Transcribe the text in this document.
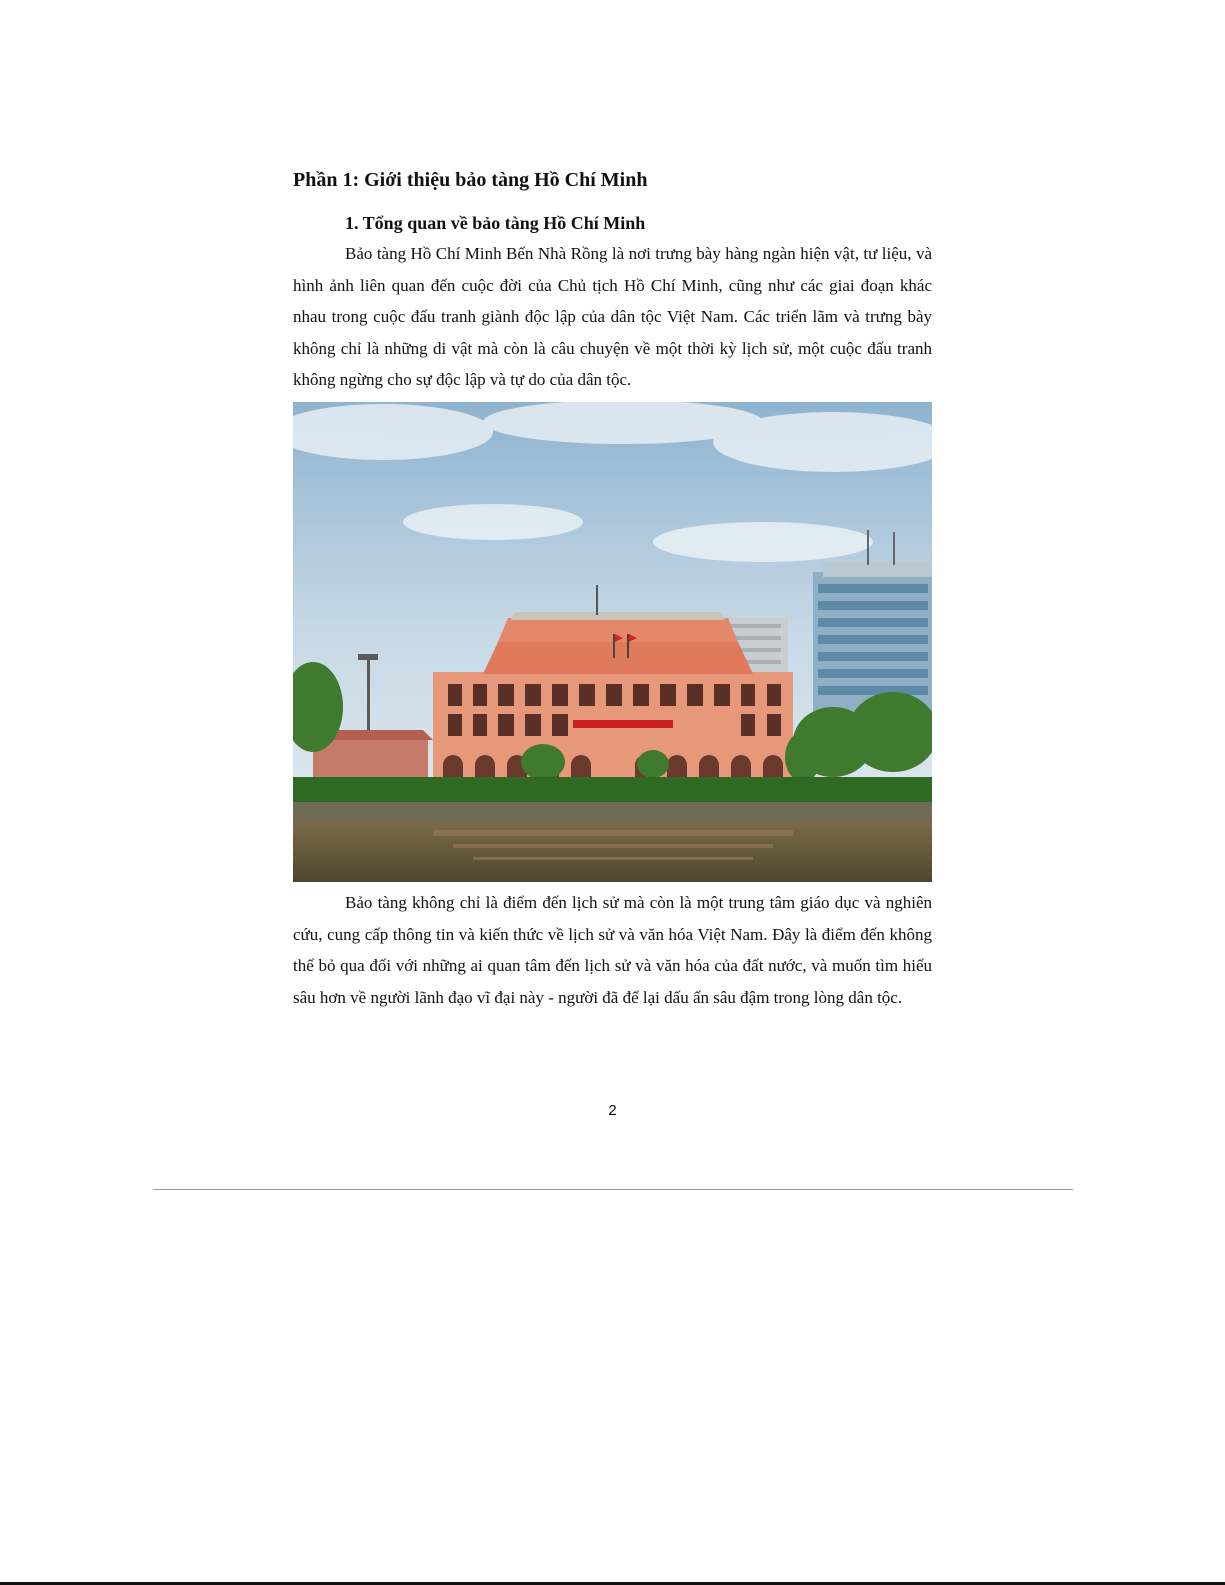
Phần 1: Giới thiệu bảo tàng Hồ Chí Minh
1. Tổng quan về bảo tàng Hồ Chí Minh

Bảo tàng Hồ Chí Minh Bến Nhà Rồng là nơi trưng bày hàng ngàn hiện vật, tư liệu, và hình ảnh liên quan đến cuộc đời của Chủ tịch Hồ Chí Minh, cũng như các giai đoạn khác nhau trong cuộc đấu tranh giành độc lập của dân tộc Việt Nam. Các triển lãm và trưng bày không chỉ là những di vật mà còn là câu chuyện về một thời kỳ lịch sử, một cuộc đấu tranh không ngừng cho sự độc lập và tự do của dân tộc.

Bảo tàng không chỉ là điểm đến lịch sử mà còn là một trung tâm giáo dục và nghiên cứu, cung cấp thông tin và kiến thức về lịch sử và văn hóa Việt Nam. Đây là điểm đến không thể bỏ qua đối với những ai quan tâm đến lịch sử và văn hóa của đất nước, và muốn tìm hiểu sâu hơn về người lãnh đạo vĩ đại này - người đã để lại dấu ấn sâu đậm trong lòng dân tộc.

2
